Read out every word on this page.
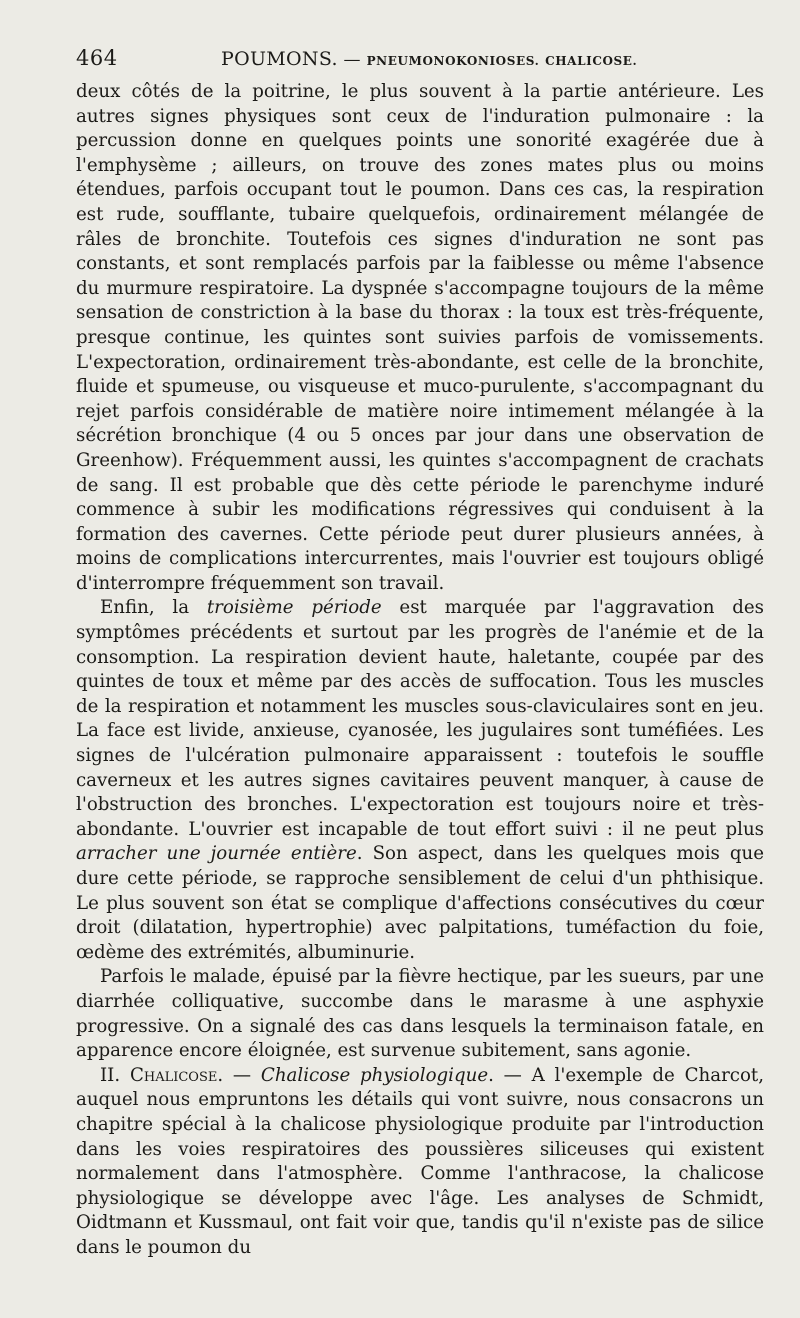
464	POUMONS. — PNEUMONOKONIOSES. CHALICOSE.

deux côtés de la poitrine, le plus souvent à la partie antérieure. Les autres signes physiques sont ceux de l'induration pulmonaire : la percussion donne en quelques points une sonorité exagérée due à l'emphysème ; ailleurs, on trouve des zones mates plus ou moins étendues, parfois occupant tout le poumon. Dans ces cas, la respiration est rude, soufflante, tubaire quelquefois, ordinairement mélangée de râles de bronchite. Toutefois ces signes d'induration ne sont pas constants, et sont remplacés parfois par la faiblesse ou même l'absence du murmure respiratoire. La dyspnée s'accompagne toujours de la même sensation de constriction à la base du thorax : la toux est très-fréquente, presque continue, les quintes sont suivies parfois de vomissements. L'expectoration, ordinairement très-abondante, est celle de la bronchite, fluide et spumeuse, ou visqueuse et muco-purulente, s'accompagnant du rejet parfois considérable de matière noire intimement mélangée à la sécrétion bronchique (4 ou 5 onces par jour dans une observation de Greenhow). Fréquemment aussi, les quintes s'accompagnent de crachats de sang. Il est probable que dès cette période le parenchyme induré commence à subir les modifications régressives qui conduisent à la formation des cavernes. Cette période peut durer plusieurs années, à moins de complications intercurrentes, mais l'ouvrier est toujours obligé d'interrompre fréquemment son travail.

Enfin, la troisième période est marquée par l'aggravation des symptômes précédents et surtout par les progrès de l'anémie et de la consomption. La respiration devient haute, haletante, coupée par des quintes de toux et même par des accès de suffocation. Tous les muscles de la respiration et notamment les muscles sous-claviculaires sont en jeu. La face est livide, anxieuse, cyanosée, les jugulaires sont tuméfiées. Les signes de l'ulcération pulmonaire apparaissent : toutefois le souffle caverneux et les autres signes cavitaires peuvent manquer, à cause de l'obstruction des bronches. L'expectoration est toujours noire et très-abondante. L'ouvrier est incapable de tout effort suivi : il ne peut plus arracher une journée entière. Son aspect, dans les quelques mois que dure cette période, se rapproche sensiblement de celui d'un phthisique. Le plus souvent son état se complique d'affections consécutives du cœur droit (dilatation, hypertrophie) avec palpitations, tuméfaction du foie, œdème des extrémités, albuminurie.

Parfois le malade, épuisé par la fièvre hectique, par les sueurs, par une diarrhée colliquative, succombe dans le marasme à une asphyxie progressive. On a signalé des cas dans lesquels la terminaison fatale, en apparence encore éloignée, est survenue subitement, sans agonie.

II. Chalicose. — Chalicose physiologique. — A l'exemple de Charcot, auquel nous empruntons les détails qui vont suivre, nous consacrons un chapitre spécial à la chalicose physiologique produite par l'introduction dans les voies respiratoires des poussières siliceuses qui existent normalement dans l'atmosphère. Comme l'anthracose, la chalicose physiologique se développe avec l'âge. Les analyses de Schmidt, Oidtmann et Kussmaul, ont fait voir que, tandis qu'il n'existe pas de silice dans le poumon du
